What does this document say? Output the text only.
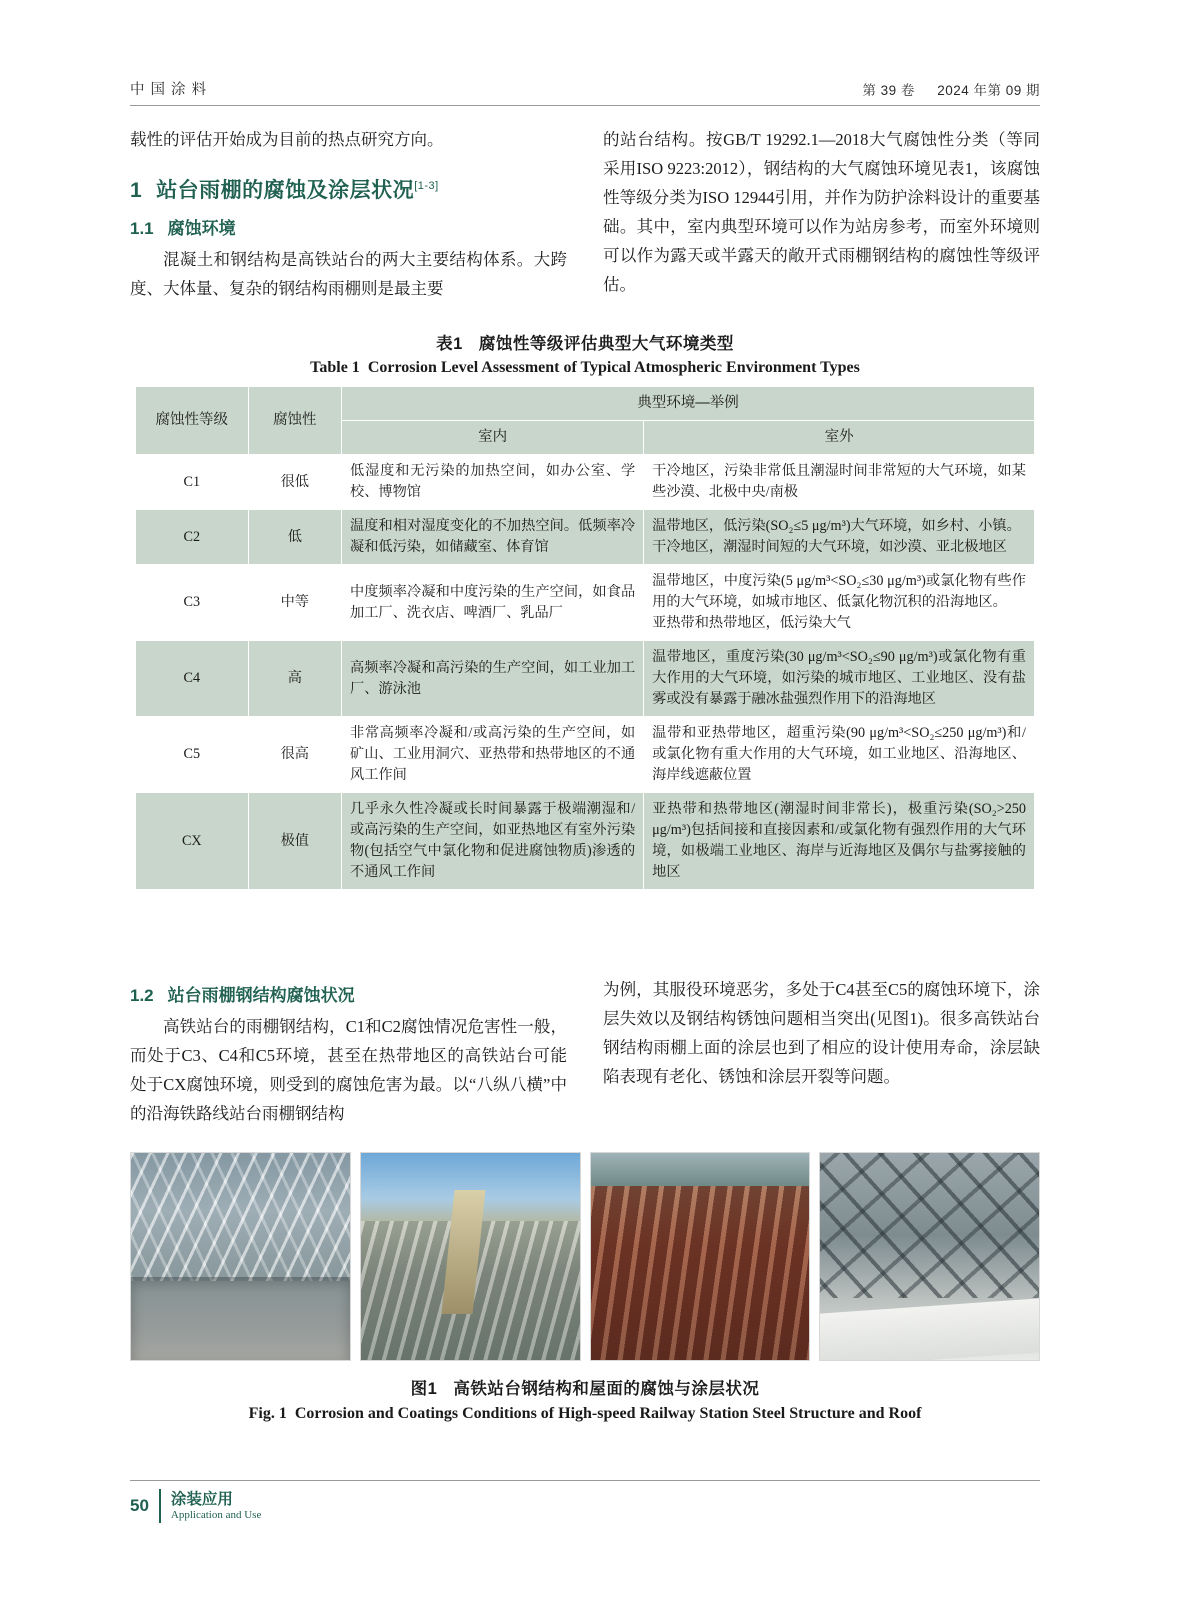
中 国 涂 料	第 39 卷 2024 年第 09 期

载性的评估开始成为目前的热点研究方向。

1 站台雨棚的腐蚀及涂层状况[1-3]
1.1 腐蚀环境

混凝土和钢结构是高铁站台的两大主要结构体系。大跨度、大体量、复杂的钢结构雨棚则是最主要

的站台结构。按GB/T 19292.1—2018大气腐蚀性分类（等同采用ISO 9223:2012），钢结构的大气腐蚀环境见表1，该腐蚀性等级分类为ISO 12944引用，并作为防护涂料设计的重要基础。其中，室内典型环境可以作为站房参考，而室外环境则可以作为露天或半露天的敞开式雨棚钢结构的腐蚀性等级评估。

表1 腐蚀性等级评估典型大气环境类型
Table 1 Corrosion Level Assessment of Typical Atmospheric Environment Types
腐蚀性等级	腐蚀性	典型环境—举例	
		室内	室外
C1	很低	低湿度和无污染的加热空间，如办公室、学校、博物馆	干冷地区，污染非常低且潮湿时间非常短的大气环境，如某些沙漠、北极中央/南极
C2	低	温度和相对湿度变化的不加热空间。低频率冷凝和低污染，如储藏室、体育馆	温带地区，低污染(SO₂≤5 μg/m³)大气环境，如乡村、小镇。
干冷地区，潮湿时间短的大气环境，如沙漠、亚北极地区

C3	中等	中度频率冷凝和中度污染的生产空间，如食品加工厂、洗衣店、啤酒厂、乳品厂	温带地区，中度污染(5 μg/m³<SO₂≤30 μg/m³)或氯化物有些作用的大气环境，如城市地区、低氯化物沉积的沿海地区。
亚热带和热带地区，低污染大气

C4	高	高频率冷凝和高污染的生产空间，如工业加工厂、游泳池	温带地区，重度污染(30 μg/m³<SO₂≤90 μg/m³)或氯化物有重大作用的大气环境，如污染的城市地区、工业地区、没有盐雾或没有暴露于融冰盐强烈作用下的沿海地区

C5	很高	非常高频率冷凝和/或高污染的生产空间，如矿山、工业用洞穴、亚热带和热带地区的不通风工作间	温带和亚热带地区，超重污染(90 μg/m³<SO₂≤250 μg/m³)和/或氯化物有重大作用的大气环境，如工业地区、沿海地区、海岸线遮蔽位置
CX	极值	几乎永久性冷凝或长时间暴露于极端潮湿和/或高污染的生产空间，如亚热地区有室外污染物(包括空气中氯化物和促进腐蚀物质)渗透的不通风工作间	亚热带和热带地区(潮湿时间非常长)，极重污染(SO₂>250 μg/m³)包括间接和直接因素和/或氯化物有强烈作用的大气环境，如极端工业地区、海岸与近海地区及偶尔与盐雾接触的地区
1.2 站台雨棚钢结构腐蚀状况

高铁站台的雨棚钢结构，C1和C2腐蚀情况危害性一般，而处于C3、C4和C5环境，甚至在热带地区的高铁站台可能处于CX腐蚀环境，则受到的腐蚀危害为最。以“八纵八横”中的沿海铁路线站台雨棚钢结构

为例，其服役环境恶劣，多处于C4甚至C5的腐蚀环境下，涂层失效以及钢结构锈蚀问题相当突出(见图1)。很多高铁站台钢结构雨棚上面的涂层也到了相应的设计使用寿命，涂层缺陷表现有老化、锈蚀和涂层开裂等问题。

图1 高铁站台钢结构和屋面的腐蚀与涂层状况
Fig. 1 Corrosion and Coatings Conditions of High-speed Railway Station Steel Structure and Roof
50 涂装应用
Application and Use
